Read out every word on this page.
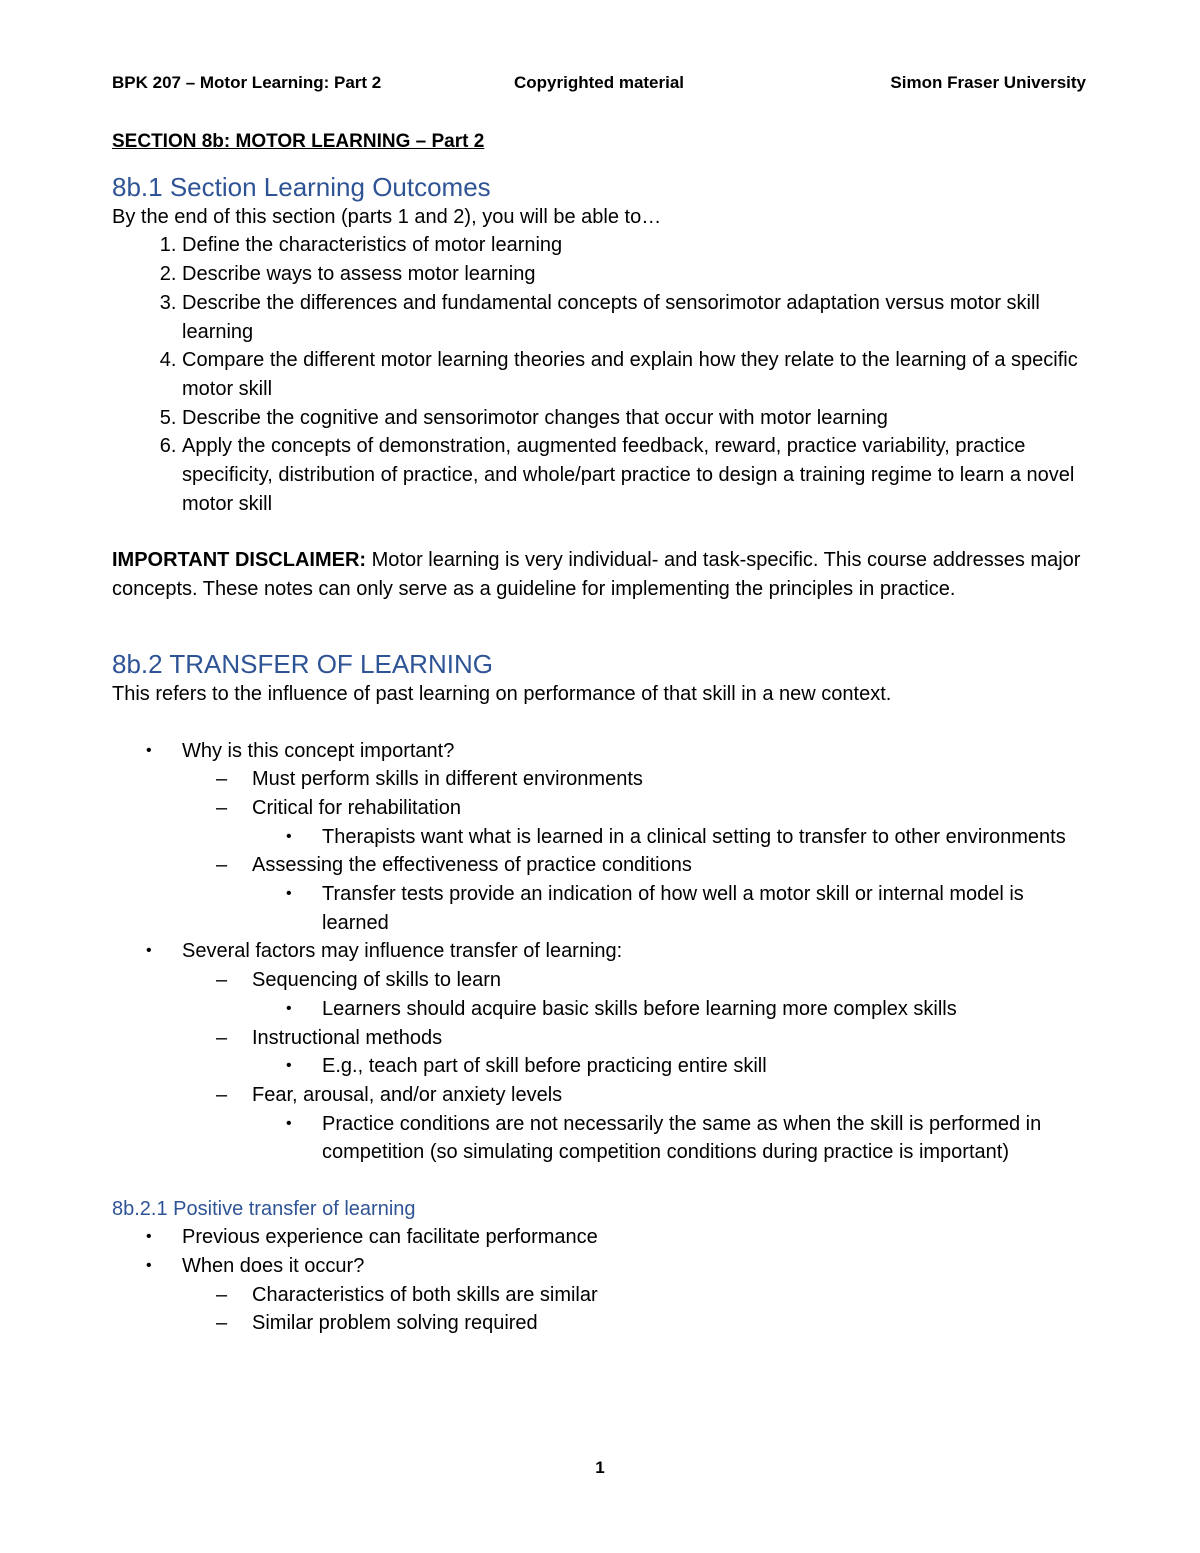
BPK 207 – Motor Learning: Part 2	Copyrighted material	Simon Fraser University

SECTION 8b: MOTOR LEARNING – Part 2

8b.1 Section Learning Outcomes

By the end of this section (parts 1 and 2), you will be able to…

1. Define the characteristics of motor learning
2. Describe ways to assess motor learning
3. Describe the differences and fundamental concepts of sensorimotor adaptation versus motor skill learning
4. Compare the different motor learning theories and explain how they relate to the learning of a specific motor skill
5. Describe the cognitive and sensorimotor changes that occur with motor learning
6. Apply the concepts of demonstration, augmented feedback, reward, practice variability, practice specificity, distribution of practice, and whole/part practice to design a training regime to learn a novel motor skill

IMPORTANT DISCLAIMER: Motor learning is very individual- and task-specific. This course addresses major concepts. These notes can only serve as a guideline for implementing the principles in practice.

8b.2 TRANSFER OF LEARNING

This refers to the influence of past learning on performance of that skill in a new context.

• Why is this concept important?
– Must perform skills in different environments
– Critical for rehabilitation
• Therapists want what is learned in a clinical setting to transfer to other environments
– Assessing the effectiveness of practice conditions
• Transfer tests provide an indication of how well a motor skill or internal model is learned
• Several factors may influence transfer of learning:
– Sequencing of skills to learn
• Learners should acquire basic skills before learning more complex skills
– Instructional methods
• E.g., teach part of skill before practicing entire skill
– Fear, arousal, and/or anxiety levels
• Practice conditions are not necessarily the same as when the skill is performed in competition (so simulating competition conditions during practice is important)
8b.2.1 Positive transfer of learning
• Previous experience can facilitate performance
• When does it occur?
– Characteristics of both skills are similar
– Similar problem solving required
1
